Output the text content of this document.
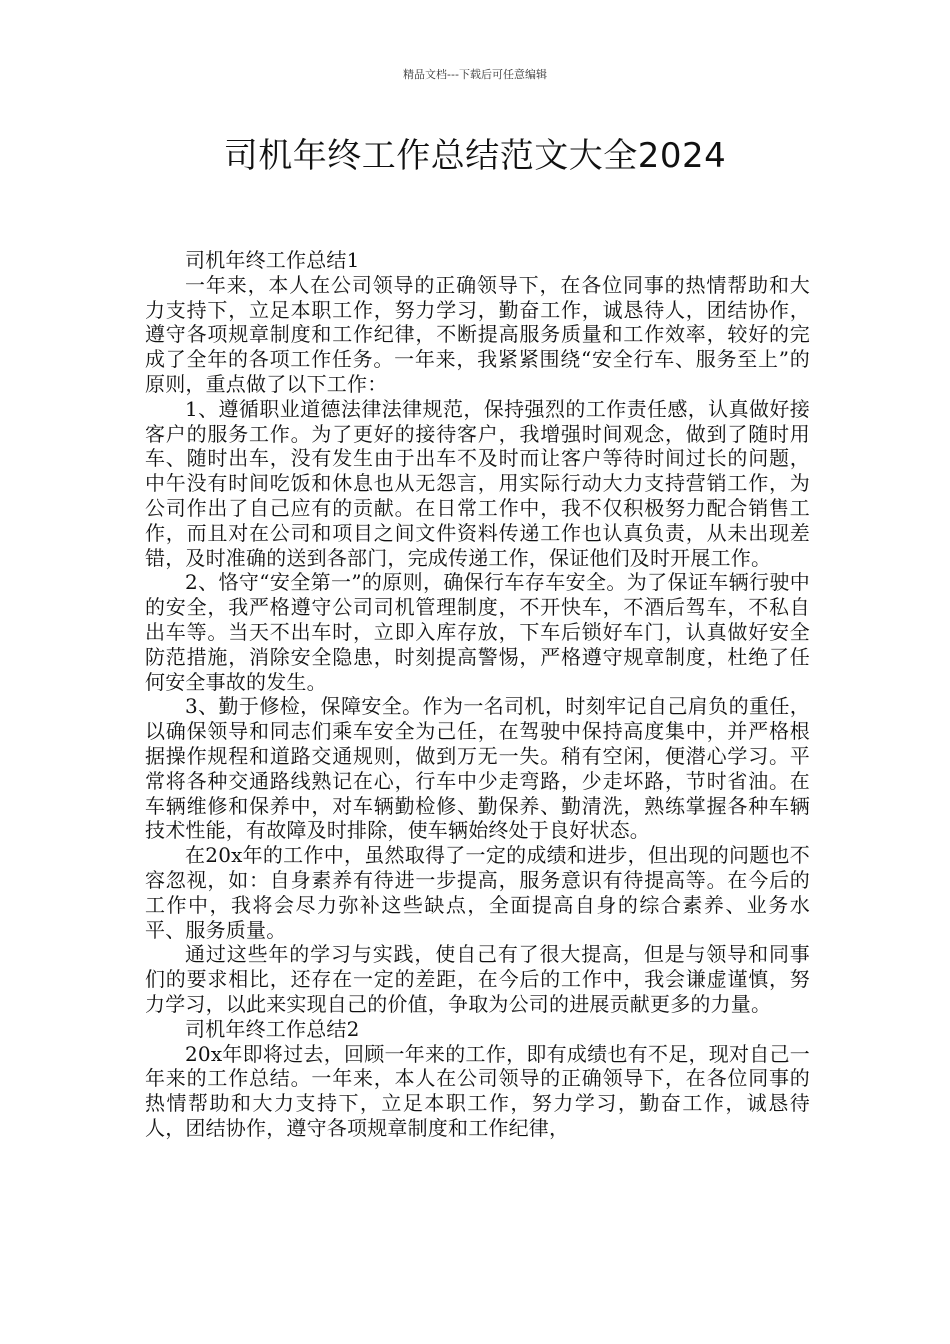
精品文档---下载后可任意编辑
司机年终工作总结范文大全2024

司机年终工作总结1

一年来，本人在公司领导的正确领导下，在各位同事的热情帮助和大力支持下，立足本职工作，努力学习，勤奋工作，诚恳待人，团结协作，遵守各项规章制度和工作纪律，不断提高服务质量和工作效率，较好的完成了全年的各项工作任务。一年来，我紧紧围绕“安全行车、服务至上”的原则，重点做了以下工作：

1、遵循职业道德法律法律规范，保持强烈的工作责任感，认真做好接客户的服务工作。为了更好的接待客户，我增强时间观念，做到了随时用车、随时出车，没有发生由于出车不及时而让客户等待时间过长的问题，中午没有时间吃饭和休息也从无怨言，用实际行动大力支持营销工作，为公司作出了自己应有的贡献。在日常工作中，我不仅积极努力配合销售工作，而且对在公司和项目之间文件资料传递工作也认真负责，从未出现差错，及时准确的送到各部门，完成传递工作，保证他们及时开展工作。

2、恪守“安全第一”的原则，确保行车存车安全。为了保证车辆行驶中的安全，我严格遵守公司司机管理制度，不开快车，不酒后驾车，不私自出车等。当天不出车时，立即入库存放，下车后锁好车门，认真做好安全防范措施，消除安全隐患，时刻提高警惕，严格遵守规章制度，杜绝了任何安全事故的发生。

3、勤于修检，保障安全。作为一名司机，时刻牢记自己肩负的重任，以确保领导和同志们乘车安全为己任，在驾驶中保持高度集中，并严格根据操作规程和道路交通规则，做到万无一失。稍有空闲，便潜心学习。平常将各种交通路线熟记在心，行车中少走弯路，少走坏路，节时省油。在车辆维修和保养中，对车辆勤检修、勤保养、勤清洗，熟练掌握各种车辆技术性能，有故障及时排除，使车辆始终处于良好状态。

在20x年的工作中，虽然取得了一定的成绩和进步，但出现的问题也不容忽视，如：自身素养有待进一步提高，服务意识有待提高等。在今后的工作中，我将会尽力弥补这些缺点，全面提高自身的综合素养、业务水平、服务质量。

通过这些年的学习与实践，使自己有了很大提高，但是与领导和同事们的要求相比，还存在一定的差距，在今后的工作中，我会谦虚谨慎，努力学习，以此来实现自己的价值，争取为公司的进展贡献更多的力量。

司机年终工作总结2

20x年即将过去，回顾一年来的工作，即有成绩也有不足，现对自己一年来的工作总结。一年来，本人在公司领导的正确领导下，在各位同事的热情帮助和大力支持下，立足本职工作，努力学习，勤奋工作，诚恳待人，团结协作，遵守各项规章制度和工作纪律，
